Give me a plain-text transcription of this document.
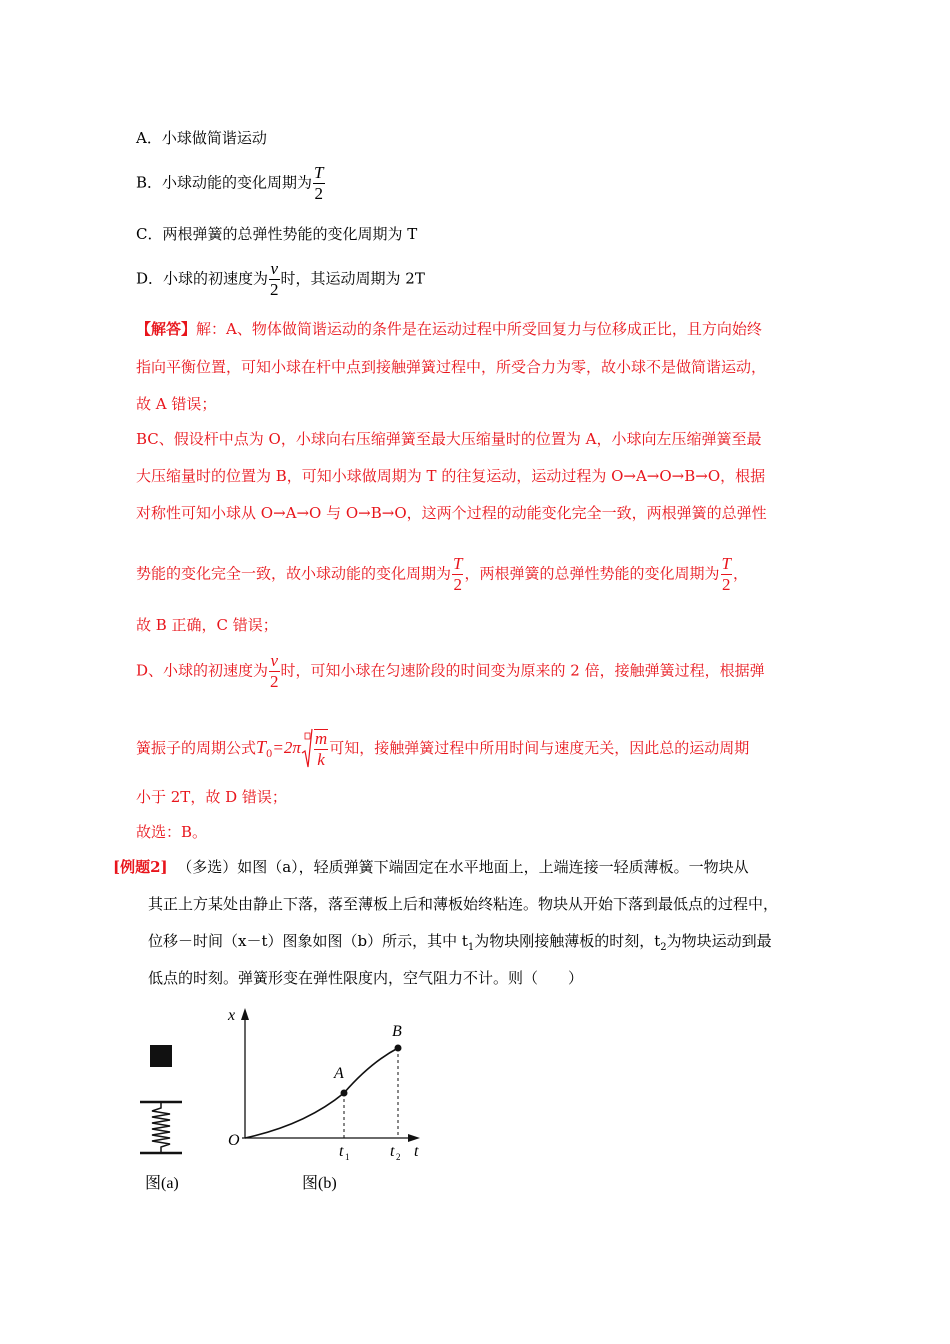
A．小球做简谐运动
B．小球动能的变化周期为 $\frac{T}{2}$
C．两根弹簧的总弹性势能的变化周期为 T
D．小球的初速度为 $\frac{v}{2}$ 时，其运动周期为 2T
【解答】解：A、物体做简谐运动的条件是在运动过程中所受回复力与位移成正比，且方向始终
指向平衡位置，可知小球在杆中点到接触弹簧过程中，所受合力为零，故小球不是做简谐运动，
故 A 错误；
BC、假设杆中点为 O，小球向右压缩弹簧至最大压缩量时的位置为 A，小球向左压缩弹簧至最
大压缩量时的位置为 B，可知小球做周期为 T 的往复运动，运动过程为 O→A→O→B→O，根据
对称性可知小球从 O→A→O 与 O→B→O，这两个过程的动能变化完全一致，两根弹簧的总弹性
势能的变化完全一致，故小球动能的变化周期为 $\frac{T}{2}$ ，两根弹簧的总弹性势能的变化周期为 $\frac{T}{2}$ ，
故 B 正确，C 错误；
D、小球的初速度为 $\frac{v}{2}$ 时，可知小球在匀速阶段的时间变为原来的 2 倍，接触弹簧过程，根据弹
簧振子的周期公式$T_0=2\pi \frac{m}{k}$ 可知，接触弹簧过程中所用时间与速度无关，因此总的运动周期
小于 2T，故 D 错误；
故选：B。
[例题2] （多选）如图（a），轻质弹簧下端固定在水平地面上，上端连接一轻质薄板。一物块从
其正上方某处由静止下落，落至薄板上后和薄板始终粘连。物块从开始下落到最低点的过程中，
位移－时间（x－t）图象如图（b）所示，其中 $t_1$为物块刚接触薄板的时刻，$t_2$为物块运动到最
低点的时刻。弹簧形变在弹性限度内，空气阻力不计。则（　　）
图(a)
x
t
O
A
B
t 1	t 2
图(b)
